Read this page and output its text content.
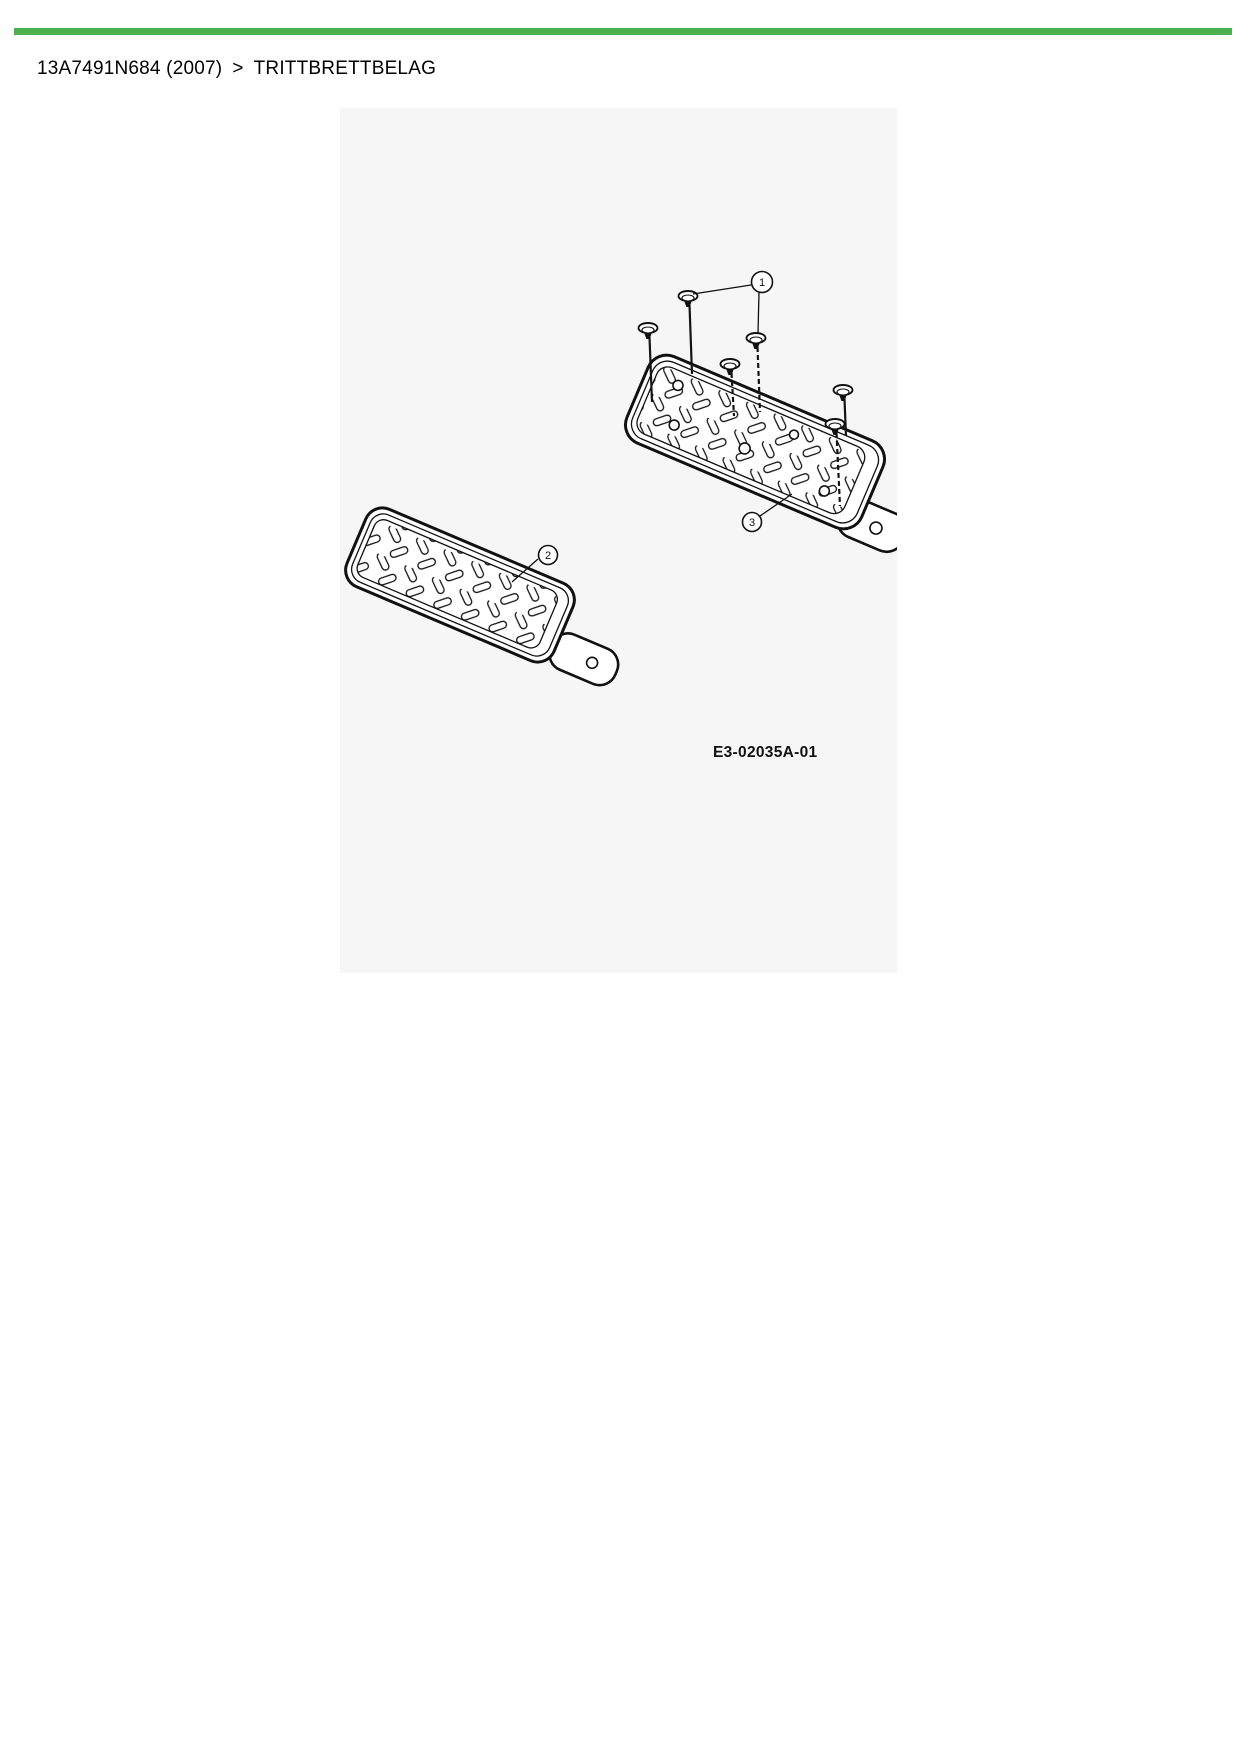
13A7491N684 (2007) > TRITTBRETTBELAG
1
2
3
E3-02035A-01
